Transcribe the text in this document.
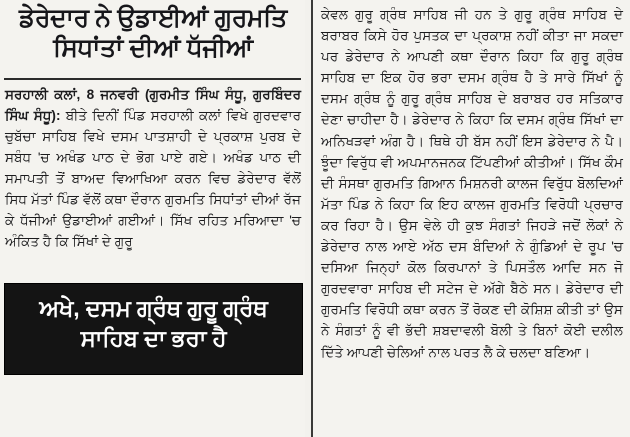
ਡੇਰੇਦਾਰ ਨੇ ਉਡਾਈਆਂ ਗੁਰਮਤਿ ਸਿਧਾਂਤਾਂ ਦੀਆਂ ਧੱਜੀਆਂ
ਸਰਹਾਲੀ ਕਲਾਂ, 8 ਜਨਵਰੀ (ਗੁਰਮੀਤ ਸਿੰਘ ਸੰਧੂ, ਗੁਰਬਿੰਦਰ ਸਿੰਘ ਸੰਧੂ): ਬੀਤੇ ਦਿਨੀਂ ਪਿੰਡ ਸਰਹਾਲੀ ਕਲਾਂ ਵਿਖੇ ਗੁਰਦਵਾਰ ਚੁਬੱਚਾ ਸਾਹਿਬ ਵਿਖੇ ਦਸਮ ਪਾਤਸ਼ਾਹੀ ਦੇ ਪ੍ਰਕਾਸ਼ ਪੁਰਬ ਦੇ ਸਬੰਧ 'ਚ ਅਖੰਡ ਪਾਠ ਦੇ ਭੋਗ ਪਾਏ ਗਏ। ਅਖੰਡ ਪਾਠ ਦੀ ਸਮਾਪਤੀ ਤੋਂ ਬਾਅਦ ਵਿਆਖਿਆ ਕਰਨ ਵਿਚ ਡੇਰੇਦਾਰ ਵੱਲੋਂ ਸਿਧ ਮੱਤਾਂ ਪਿੰਡ ਵੱਲੋਂ ਕਥਾ ਦੌਰਾਨ ਗੁਰਮਤਿ ਸਿਧਾਂਤਾਂ ਦੀਆਂ ਰੱਜ ਕੇ ਧੱਜੀਆਂ ਉਡਾਈਆਂ ਗਈਆਂ। ਸਿੱਖ ਰਹਿਤ ਮਰਿਆਦਾ 'ਚ ਅੰਕਿਤ ਹੈ ਕਿ ਸਿੱਖਾਂ ਦੇ ਗੁਰੂ
ਅਖੇ, ਦਸਮ ਗ੍ਰੰਥ ਗੁਰੂ ਗ੍ਰੰਥ ਸਾਹਿਬ ਦਾ ਭਰਾ ਹੈ
ਕੇਵਲ ਗੁਰੂ ਗ੍ਰੰਥ ਸਾਹਿਬ ਜੀ ਹਨ ਤੇ ਗੁਰੂ ਗ੍ਰੰਥ ਸਾਹਿਬ ਦੇ ਬਰਾਬਰ ਕਿਸੇ ਹੋਰ ਪੁਸਤਕ ਦਾ ਪ੍ਰਕਾਸ਼ ਨਹੀਂ ਕੀਤਾ ਜਾ ਸਕਦਾ ਪਰ ਡੇਰੇਦਾਰ ਨੇ ਆਪਣੀ ਕਥਾ ਦੌਰਾਨ ਕਿਹਾ ਕਿ ਗੁਰੂ ਗ੍ਰੰਥ ਸਾਹਿਬ ਦਾ ਇਕ ਹੋਰ ਭਰਾ ਦਸਮ ਗ੍ਰੰਥ ਹੈ ਤੇ ਸਾਰੇ ਸਿੱਖਾਂ ਨੂੰ ਦਸਮ ਗ੍ਰੰਥ ਨੂੰ ਗੁਰੂ ਗ੍ਰੰਥ ਸਾਹਿਬ ਦੇ ਬਰਾਬਰ ਹਰ ਸਤਿਕਾਰ ਦੇਣਾ ਚਾਹੀਦਾ ਹੈ। ਡੇਰੇਦਾਰ ਨੇ ਕਿਹਾ ਕਿ ਦਸਮ ਗ੍ਰੰਥ ਸਿੱਖਾਂ ਦਾ ਅਨਿਖੜਵਾਂ ਅੰਗ ਹੈ। ਥਿਥੇ ਹੀ ਬੱਸ ਨਹੀਂ ਇਸ ਡੇਰੇਦਾਰ ਨੇ ਪੈ। ਝੂੰਦਾ ਵਿਰੁੱਧ ਵੀ ਅਪਮਾਨਜਨਕ ਟਿੱਪਣੀਆਂ ਕੀਤੀਆਂ। ਸਿੱਖ ਕੌਮ ਦੀ ਸੰਸਥਾ ਗੁਰਮਤਿ ਗਿਆਨ ਮਿਸ਼ਨਰੀ ਕਾਲਜ ਵਿਰੁੱਧ ਬੋਲਦਿਆਂ ਮੱਤਾ ਪਿੰਡ ਨੇ ਕਿਹਾ ਕਿ ਇਹ ਕਾਲਜ ਗੁਰਮਤਿ ਵਿਰੋਧੀ ਪ੍ਰਚਾਰ ਕਰ ਰਿਹਾ ਹੈ। ਉਸ ਵੇਲੇ ਹੀ ਕੁਝ ਸੰਗਤਾਂ ਜਿਹੜੇ ਜਦੋਂ ਲੋਕਾਂ ਨੇ ਡੇਰੇਦਾਰ ਨਾਲ ਆਏ ਅੱਠ ਦਸ ਬੰਦਿਆਂ ਨੇ ਗੁੰਡਿਆਂ ਦੇ ਰੂਪ 'ਚ ਦਸਿਆ ਜਿਨ੍ਹਾਂ ਕੋਲ ਕਿਰਪਾਨਾਂ ਤੇ ਪਿਸਤੌਲ ਆਦਿ ਸਨ ਜੋ ਗੁਰਦਵਾਰਾ ਸਾਹਿਬ ਦੀ ਸਟੇਜ ਦੇ ਅੱਗੇ ਬੈਠੇ ਸਨ। ਡੇਰੇਦਾਰ ਦੀ ਗੁਰਮਤਿ ਵਿਰੋਧੀ ਕਥਾ ਕਰਨ ਤੋਂ ਰੋਕਣ ਦੀ ਕੋਸ਼ਿਸ਼ ਕੀਤੀ ਤਾਂ ਉਸ ਨੇ ਸੰਗਤਾਂ ਨੂੰ ਵੀ ਭੱਦੀ ਸ਼ਬਦਾਵਲੀ ਬੋਲੀ ਤੇ ਬਿਨਾਂ ਕੋਈ ਦਲੀਲ ਦਿੱਤੇ ਆਪਣੀ ਚੇਲਿਆਂ ਨਾਲ ਪਰਤ ਲੈ ਕੇ ਚਲਦਾ ਬਣਿਆ।
